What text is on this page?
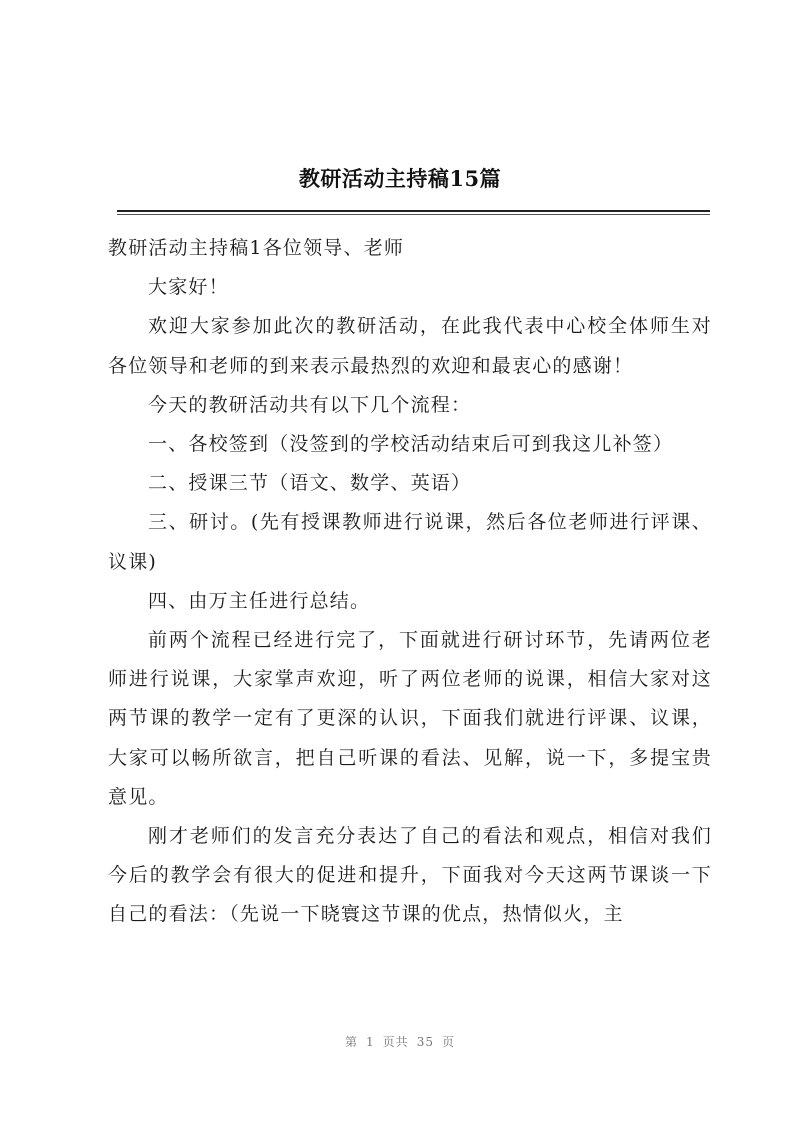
教研活动主持稿15篇

教研活动主持稿1各位领导、老师

大家好！

欢迎大家参加此次的教研活动，在此我代表中心校全体师生对各位领导和老师的到来表示最热烈的欢迎和最衷心的感谢！

今天的教研活动共有以下几个流程：

一、各校签到（没签到的学校活动结束后可到我这儿补签）

二、授课三节（语文、数学、英语）

三、研讨。(先有授课教师进行说课，然后各位老师进行评课、议课)

四、由万主任进行总结。

前两个流程已经进行完了，下面就进行研讨环节，先请两位老师进行说课，大家掌声欢迎，听了两位老师的说课，相信大家对这两节课的教学一定有了更深的认识，下面我们就进行评课、议课，大家可以畅所欲言，把自己听课的看法、见解，说一下，多提宝贵意见。

刚才老师们的发言充分表达了自己的看法和观点，相信对我们今后的教学会有很大的促进和提升，下面我对今天这两节课谈一下自己的看法：（先说一下晓寰这节课的优点，热情似火，主

第 1 页共 35 页
